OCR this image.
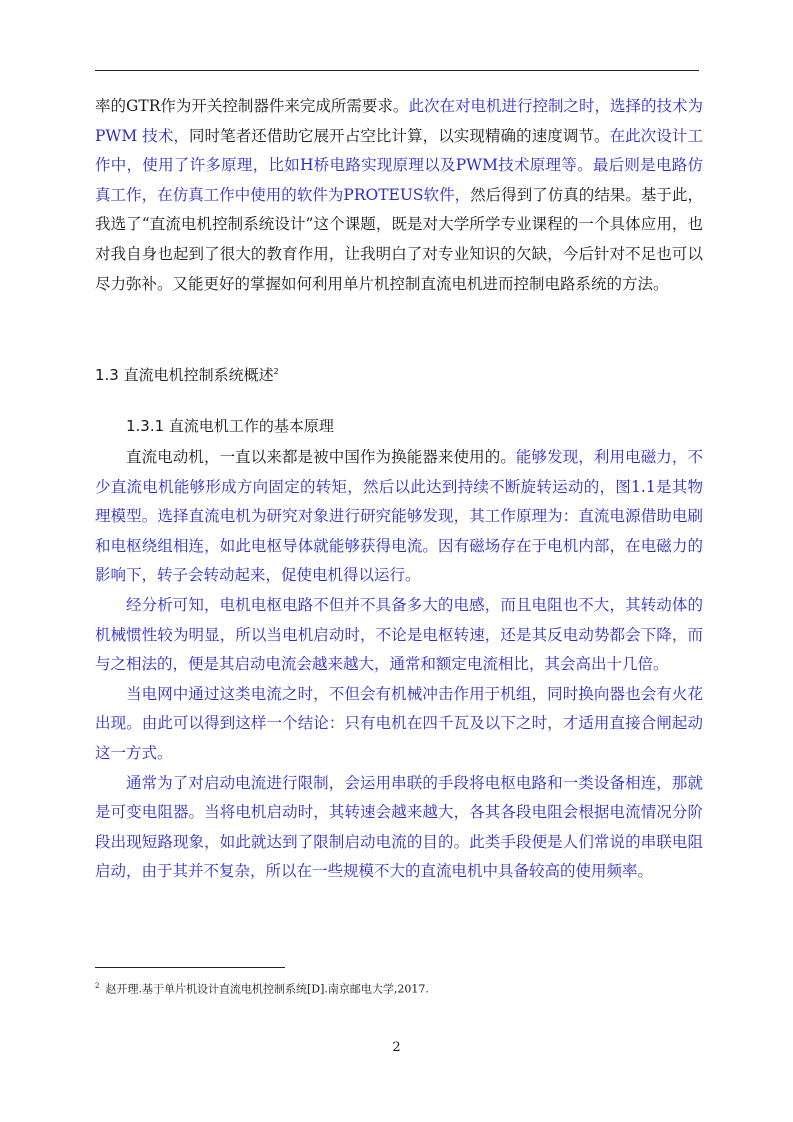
率的GTR作为开关控制器件来完成所需要求。此次在对电机进行控制之时，选择的技术为PWM 技术，同时笔者还借助它展开占空比计算，以实现精确的速度调节。在此次设计工作中，使用了许多原理，比如H桥电路实现原理以及PWM技术原理等。最后则是电路仿真工作，在仿真工作中使用的软件为PROTEUS软件，然后得到了仿真的结果。基于此，我选了“直流电机控制系统设计”这个课题，既是对大学所学专业课程的一个具体应用，也对我自身也起到了很大的教育作用，让我明白了对专业知识的欠缺，今后针对不足也可以尽力弥补。又能更好的掌握如何利用单片机控制直流电机进而控制电路系统的方法。

1.3 直流电机控制系统概述$^2$
1.3.1 直流电机工作的基本原理

直流电动机，一直以来都是被中国作为换能器来使用的。能够发现，利用电磁力，不少直流电机能够形成方向固定的转矩，然后以此达到持续不断旋转运动的，图1.1是其物理模型。选择直流电机为研究对象进行研究能够发现，其工作原理为：直流电源借助电刷和电枢绕组相连，如此电枢导体就能够获得电流。因有磁场存在于电机内部，在电磁力的影响下，转子会转动起来，促使电机得以运行。

经分析可知，电机电枢电路不但并不具备多大的电感，而且电阻也不大，其转动体的机械惯性较为明显，所以当电机启动时，不论是电枢转速，还是其反电动势都会下降，而与之相法的，便是其启动电流会越来越大，通常和额定电流相比，其会高出十几倍。

当电网中通过这类电流之时，不但会有机械冲击作用于机组，同时换向器也会有火花出现。由此可以得到这样一个结论：只有电机在四千瓦及以下之时，才适用直接合闸起动这一方式。

通常为了对启动电流进行限制，会运用串联的手段将电枢电路和一类设备相连，那就是可变电阻器。当将电机启动时，其转速会越来越大，各其各段电阻会根据电流情况分阶段出现短路现象，如此就达到了限制启动电流的目的。此类手段便是人们常说的串联电阻启动，由于其并不复杂，所以在一些规模不大的直流电机中具备较高的使用频率。

$^2$ 赵开理.基于单片机设计直流电机控制系统[D].南京邮电大学,2017.
2
